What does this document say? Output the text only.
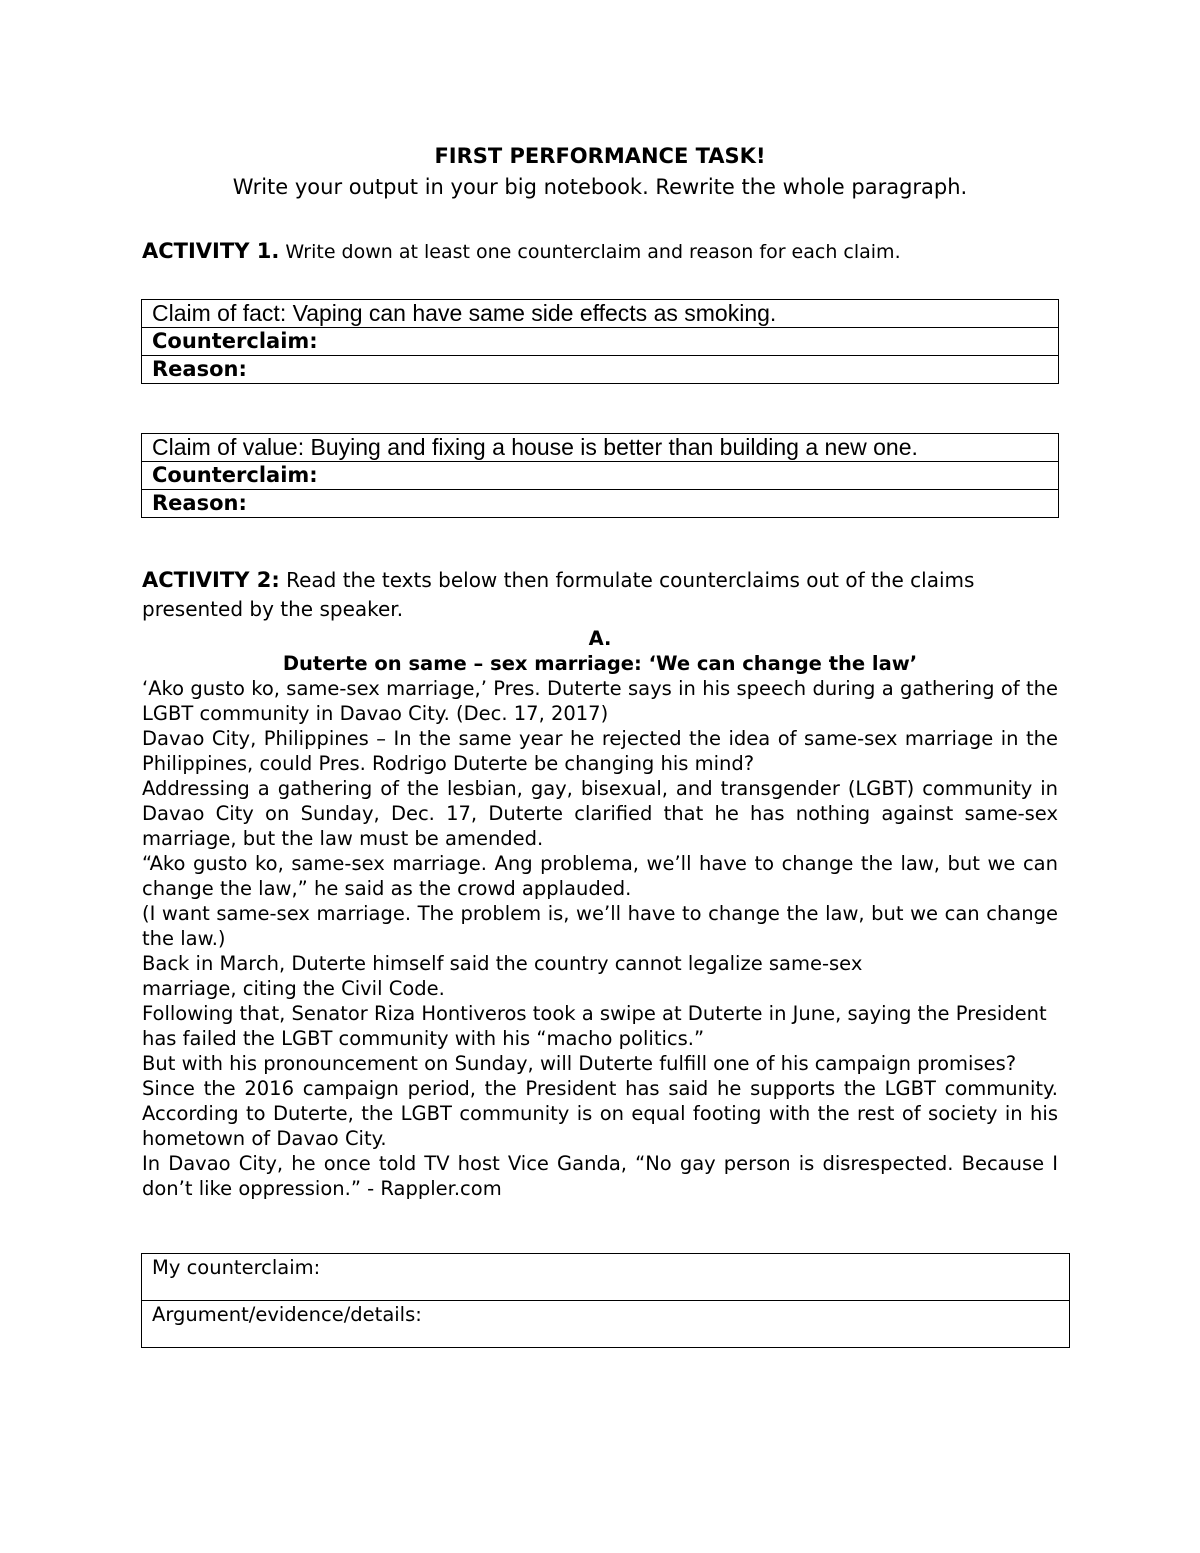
FIRST PERFORMANCE TASK!
Write your output in your big notebook. Rewrite the whole paragraph.
ACTIVITY 1. Write down at least one counterclaim and reason for each claim.
Claim of fact: Vaping can have same side effects as smoking.
Counterclaim:
Reason:
Claim of value: Buying and fixing a house is better than building a new one.
Counterclaim:
Reason:
ACTIVITY 2: Read the texts below then formulate counterclaims out of the claims presented by the speaker.
A.
Duterte on same – sex marriage: ‘We can change the law’

‘Ako gusto ko, same-sex marriage,’ Pres. Duterte says in his speech during a gathering of the LGBT community in Davao City. (Dec. 17, 2017)

Davao City, Philippines – In the same year he rejected the idea of same-sex marriage in the Philippines, could Pres. Rodrigo Duterte be changing his mind?

Addressing a gathering of the lesbian, gay, bisexual, and transgender (LGBT) community in Davao City on Sunday, Dec. 17, Duterte clarified that he has nothing against same-sex marriage, but the law must be amended.

“Ako gusto ko, same-sex marriage. Ang problema, we’ll have to change the law, but we can change the law,” he said as the crowd applauded.

(I want same-sex marriage. The problem is, we’ll have to change the law, but we can change the law.)

Back in March, Duterte himself said the country cannot legalize same-sex

marriage, citing the Civil Code.

Following that, Senator Riza Hontiveros took a swipe at Duterte in June, saying the President has failed the LGBT community with his “macho politics.”

But with his pronouncement on Sunday, will Duterte fulfill one of his campaign promises?

Since the 2016 campaign period, the President has said he supports the LGBT community. According to Duterte, the LGBT community is on equal footing with the rest of society in his hometown of Davao City.

In Davao City, he once told TV host Vice Ganda, “No gay person is disrespected. Because I don’t like oppression.” - Rappler.com

My counterclaim:
Argument/evidence/details:
